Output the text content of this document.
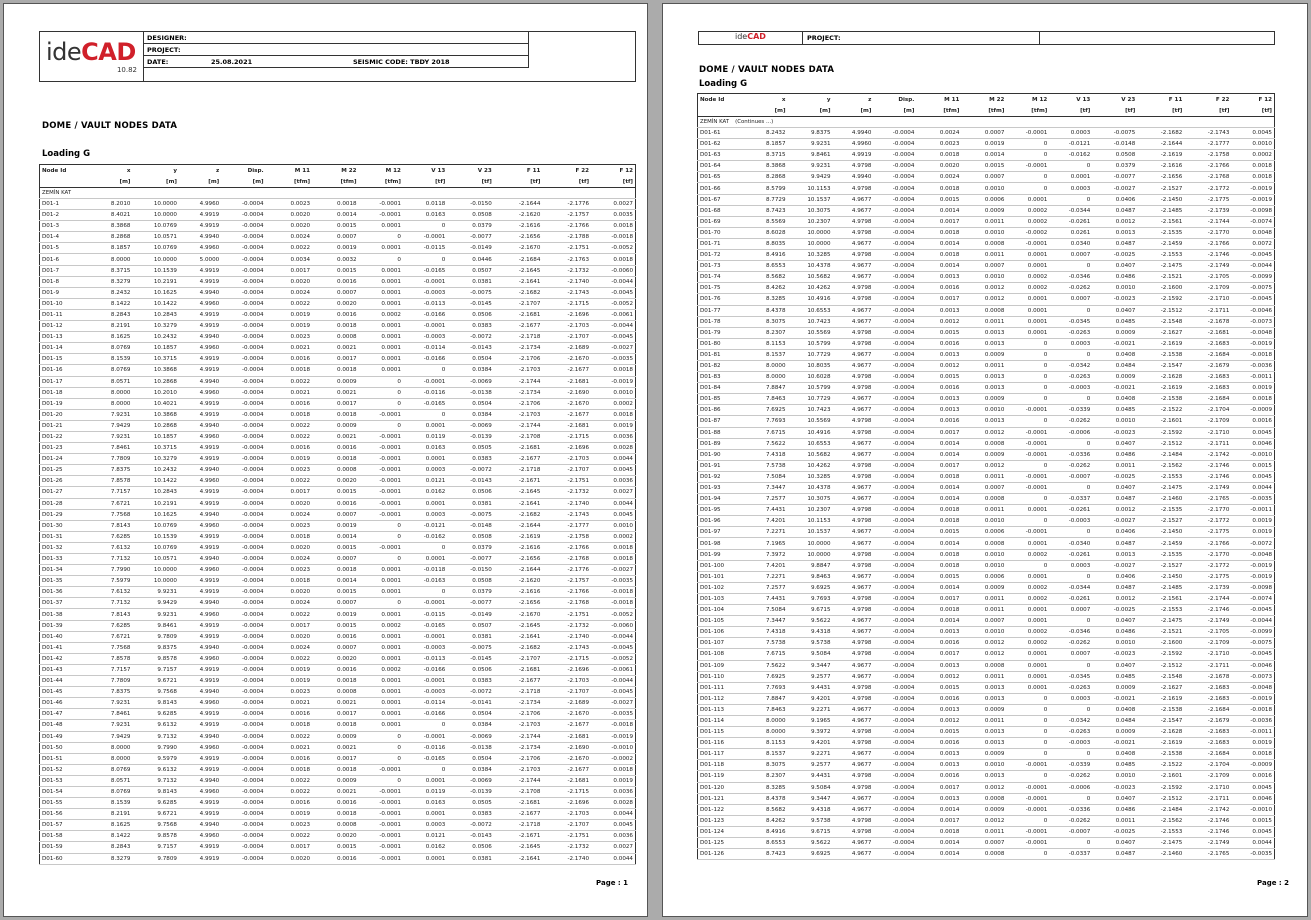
ideCAD
10.82
DESIGNER:
PROJECT:
DATE:	25.08.2021	SEISMIC CODE: TBDY 2018
DOME / VAULT NODES DATA
Loading G
Node Id	x	y	z	Disp.	M 11	M 22	M 12	V 13	V 23	F 11	F 22	F 12
	[m]	[m]	[m]	[m]	[tfm]	[tfm]	[tfm]	[tf]	[tf]	[tf]	[tf]	[tf]
ZEMİN KAT												
D01-1	8.2010	10.0000	4.9960	-0.0004	0.0023	0.0018	-0.0001	0.0118	-0.0150	-2.1644	-2.1776	0.0027
D01-2	8.4021	10.0000	4.9919	-0.0004	0.0020	0.0014	-0.0001	0.0163	0.0508	-2.1620	-2.1757	0.0035
D01-3	8.3868	10.0769	4.9919	-0.0004	0.0020	0.0015	0.0001	0	0.0379	-2.1616	-2.1766	0.0018
D01-4	8.2868	10.0571	4.9940	-0.0004	0.0024	0.0007	0	-0.0001	-0.0077	-2.1656	-2.1788	-0.0018
D01-5	8.1857	10.0769	4.9960	-0.0004	0.0022	0.0019	0.0001	-0.0115	-0.0149	-2.1670	-2.1751	-0.0052
D01-6	8.0000	10.0000	5.0000	-0.0004	0.0034	0.0032	0	0	0.0446	-2.1684	-2.1763	0.0018
D01-7	8.3715	10.1539	4.9919	-0.0004	0.0017	0.0015	0.0001	-0.0165	0.0507	-2.1645	-2.1732	-0.0060
D01-8	8.3279	10.2191	4.9919	-0.0004	0.0020	0.0016	0.0001	-0.0001	0.0381	-2.1641	-2.1740	-0.0044
D01-9	8.2432	10.1625	4.9940	-0.0004	0.0024	0.0007	0.0001	-0.0003	-0.0075	-2.1682	-2.1743	-0.0045
D01-10	8.1422	10.1422	4.9960	-0.0004	0.0022	0.0020	0.0001	-0.0113	-0.0145	-2.1707	-2.1715	-0.0052
D01-11	8.2843	10.2843	4.9919	-0.0004	0.0019	0.0016	0.0002	-0.0166	0.0506	-2.1681	-2.1696	-0.0061
D01-12	8.2191	10.3279	4.9919	-0.0004	0.0019	0.0018	0.0001	-0.0001	0.0383	-2.1677	-2.1703	-0.0044
D01-13	8.1625	10.2432	4.9940	-0.0004	0.0023	0.0008	0.0001	-0.0003	-0.0072	-2.1718	-2.1707	-0.0045
D01-14	8.0769	10.1857	4.9960	-0.0004	0.0021	0.0021	0.0001	-0.0114	-0.0143	-2.1734	-2.1689	-0.0027
D01-15	8.1539	10.3715	4.9919	-0.0004	0.0016	0.0017	0.0001	-0.0166	0.0504	-2.1706	-2.1670	-0.0035
D01-16	8.0769	10.3868	4.9919	-0.0004	0.0018	0.0018	0.0001	0	0.0384	-2.1703	-2.1677	0.0018
D01-17	8.0571	10.2868	4.9940	-0.0004	0.0022	0.0009	0	-0.0001	-0.0069	-2.1744	-2.1681	-0.0019
D01-18	8.0000	10.2010	4.9960	-0.0004	0.0021	0.0021	0	-0.0116	-0.0138	-2.1734	-2.1690	0.0010
D01-19	8.0000	10.4021	4.9919	-0.0004	0.0016	0.0017	0	-0.0165	0.0504	-2.1706	-2.1670	0.0002
D01-20	7.9231	10.3868	4.9919	-0.0004	0.0018	0.0018	-0.0001	0	0.0384	-2.1703	-2.1677	0.0018
D01-21	7.9429	10.2868	4.9940	-0.0004	0.0022	0.0009	0	0.0001	-0.0069	-2.1744	-2.1681	0.0019
D01-22	7.9231	10.1857	4.9960	-0.0004	0.0022	0.0021	-0.0001	0.0119	-0.0139	-2.1708	-2.1715	0.0036
D01-23	7.8461	10.3715	4.9919	-0.0004	0.0016	0.0016	-0.0001	0.0163	0.0505	-2.1681	-2.1696	0.0028
D01-24	7.7809	10.3279	4.9919	-0.0004	0.0019	0.0018	-0.0001	0.0001	0.0383	-2.1677	-2.1703	0.0044
D01-25	7.8375	10.2432	4.9940	-0.0004	0.0023	0.0008	-0.0001	0.0003	-0.0072	-2.1718	-2.1707	0.0045
D01-26	7.8578	10.1422	4.9960	-0.0004	0.0022	0.0020	-0.0001	0.0121	-0.0143	-2.1671	-2.1751	0.0036
D01-27	7.7157	10.2843	4.9919	-0.0004	0.0017	0.0015	-0.0001	0.0162	0.0506	-2.1645	-2.1732	0.0027
D01-28	7.6721	10.2191	4.9919	-0.0004	0.0020	0.0016	-0.0001	0.0001	0.0381	-2.1641	-2.1740	0.0044
D01-29	7.7568	10.1625	4.9940	-0.0004	0.0024	0.0007	-0.0001	0.0003	-0.0075	-2.1682	-2.1743	0.0045
D01-30	7.8143	10.0769	4.9960	-0.0004	0.0023	0.0019	0	-0.0121	-0.0148	-2.1644	-2.1777	0.0010
D01-31	7.6285	10.1539	4.9919	-0.0004	0.0018	0.0014	0	-0.0162	0.0508	-2.1619	-2.1758	0.0002
D01-32	7.6132	10.0769	4.9919	-0.0004	0.0020	0.0015	-0.0001	0	0.0379	-2.1616	-2.1766	0.0018
D01-33	7.7132	10.0571	4.9940	-0.0004	0.0024	0.0007	0	0.0001	-0.0077	-2.1656	-2.1768	0.0018
D01-34	7.7990	10.0000	4.9960	-0.0004	0.0023	0.0018	0.0001	-0.0118	-0.0150	-2.1644	-2.1776	-0.0027
D01-35	7.5979	10.0000	4.9919	-0.0004	0.0018	0.0014	0.0001	-0.0163	0.0508	-2.1620	-2.1757	-0.0035
D01-36	7.6132	9.9231	4.9919	-0.0004	0.0020	0.0015	0.0001	0	0.0379	-2.1616	-2.1766	-0.0018
D01-37	7.7132	9.9429	4.9940	-0.0004	0.0024	0.0007	0	-0.0001	-0.0077	-2.1656	-2.1768	-0.0018
D01-38	7.8143	9.9231	4.9960	-0.0004	0.0022	0.0019	0.0001	-0.0115	-0.0149	-2.1670	-2.1751	-0.0052
D01-39	7.6285	9.8461	4.9919	-0.0004	0.0017	0.0015	0.0002	-0.0165	0.0507	-2.1645	-2.1732	-0.0060
D01-40	7.6721	9.7809	4.9919	-0.0004	0.0020	0.0016	0.0001	-0.0001	0.0381	-2.1641	-2.1740	-0.0044
D01-41	7.7568	9.8375	4.9940	-0.0004	0.0024	0.0007	0.0001	-0.0003	-0.0075	-2.1682	-2.1743	-0.0045
D01-42	7.8578	9.8578	4.9960	-0.0004	0.0022	0.0020	0.0001	-0.0113	-0.0145	-2.1707	-2.1715	-0.0052
D01-43	7.7157	9.7157	4.9919	-0.0004	0.0019	0.0016	0.0002	-0.0166	0.0506	-2.1681	-2.1696	-0.0061
D01-44	7.7809	9.6721	4.9919	-0.0004	0.0019	0.0018	0.0001	-0.0001	0.0383	-2.1677	-2.1703	-0.0044
D01-45	7.8375	9.7568	4.9940	-0.0004	0.0023	0.0008	0.0001	-0.0003	-0.0072	-2.1718	-2.1707	-0.0045
D01-46	7.9231	9.8143	4.9960	-0.0004	0.0021	0.0021	0.0001	-0.0114	-0.0141	-2.1734	-2.1689	-0.0027
D01-47	7.8461	9.6285	4.9919	-0.0004	0.0016	0.0017	0.0001	-0.0166	0.0504	-2.1706	-2.1670	-0.0035
D01-48	7.9231	9.6132	4.9919	-0.0004	0.0018	0.0018	0.0001	0	0.0384	-2.1703	-2.1677	-0.0018
D01-49	7.9429	9.7132	4.9940	-0.0004	0.0022	0.0009	0	-0.0001	-0.0069	-2.1744	-2.1681	-0.0019
D01-50	8.0000	9.7990	4.9960	-0.0004	0.0021	0.0021	0	-0.0116	-0.0138	-2.1734	-2.1690	-0.0010
D01-51	8.0000	9.5979	4.9919	-0.0004	0.0016	0.0017	0	-0.0165	0.0504	-2.1706	-2.1670	-0.0002
D01-52	8.0769	9.6132	4.9919	-0.0004	0.0018	0.0018	-0.0001	0	0.0384	-2.1703	-2.1677	0.0018
D01-53	8.0571	9.7132	4.9940	-0.0004	0.0022	0.0009	0	0.0001	-0.0069	-2.1744	-2.1681	0.0019
D01-54	8.0769	9.8143	4.9960	-0.0004	0.0022	0.0021	-0.0001	0.0119	-0.0139	-2.1708	-2.1715	0.0036
D01-55	8.1539	9.6285	4.9919	-0.0004	0.0016	0.0016	-0.0001	0.0163	0.0505	-2.1681	-2.1696	0.0028
D01-56	8.2191	9.6721	4.9919	-0.0004	0.0019	0.0018	-0.0001	0.0001	0.0383	-2.1677	-2.1703	0.0044
D01-57	8.1625	9.7568	4.9940	-0.0004	0.0023	0.0008	-0.0001	0.0003	-0.0072	-2.1718	-2.1707	0.0045
D01-58	8.1422	9.8578	4.9960	-0.0004	0.0022	0.0020	-0.0001	0.0121	-0.0143	-2.1671	-2.1751	0.0036
D01-59	8.2843	9.7157	4.9919	-0.0004	0.0017	0.0015	-0.0001	0.0162	0.0506	-2.1645	-2.1732	0.0027
D01-60	8.3279	9.7809	4.9919	-0.0004	0.0020	0.0016	-0.0001	0.0001	0.0381	-2.1641	-2.1740	0.0044
Page : 1
ideCAD	PROJECT:
DOME / VAULT NODES DATA
Loading G
Node Id	x	y	z	Disp.	M 11	M 22	M 12	V 13	V 23	F 11	F 22	F 12
	[m]	[m]	[m]	[m]	[tfm]	[tfm]	[tfm]	[tf]	[tf]	[tf]	[tf]	[tf]
ZEMİN KAT (Continues ...)												
D01-61	8.2432	9.8375	4.9940	-0.0004	0.0024	0.0007	-0.0001	0.0003	-0.0075	-2.1682	-2.1743	0.0045
D01-62	8.1857	9.9231	4.9960	-0.0004	0.0023	0.0019	0	-0.0121	-0.0148	-2.1644	-2.1777	0.0010
D01-63	8.3715	9.8461	4.9919	-0.0004	0.0018	0.0014	0	-0.0162	0.0508	-2.1619	-2.1758	0.0002
D01-64	8.3868	9.9231	4.9798	-0.0004	0.0020	0.0015	-0.0001	0	0.0379	-2.1616	-2.1766	0.0018
D01-65	8.2868	9.9429	4.9940	-0.0004	0.0024	0.0007	0	0.0001	-0.0077	-2.1656	-2.1768	0.0018
D01-66	8.5799	10.1153	4.9798	-0.0004	0.0018	0.0010	0	0.0003	-0.0027	-2.1527	-2.1772	-0.0019
D01-67	8.7729	10.1537	4.9677	-0.0004	0.0015	0.0006	0.0001	0	0.0406	-2.1450	-2.1775	-0.0019
D01-68	8.7423	10.3075	4.9677	-0.0004	0.0014	0.0009	0.0002	-0.0344	0.0487	-2.1485	-2.1739	-0.0098
D01-69	8.5569	10.2307	4.9798	-0.0004	0.0017	0.0011	0.0002	-0.0261	0.0012	-2.1561	-2.1744	-0.0074
D01-70	8.6028	10.0000	4.9798	-0.0004	0.0018	0.0010	-0.0002	0.0261	0.0013	-2.1535	-2.1770	0.0048
D01-71	8.8035	10.0000	4.9677	-0.0004	0.0014	0.0008	-0.0001	0.0340	0.0487	-2.1459	-2.1766	0.0072
D01-72	8.4916	10.3285	4.9798	-0.0004	0.0018	0.0011	0.0001	0.0007	-0.0025	-2.1553	-2.1746	-0.0045
D01-73	8.6553	10.4378	4.9677	-0.0004	0.0014	0.0007	0.0001	0	0.0407	-2.1475	-2.1749	-0.0044
D01-74	8.5682	10.5682	4.9677	-0.0004	0.0013	0.0010	0.0002	-0.0346	0.0486	-2.1521	-2.1705	-0.0099
D01-75	8.4262	10.4262	4.9798	-0.0004	0.0016	0.0012	0.0002	-0.0262	0.0010	-2.1600	-2.1709	-0.0075
D01-76	8.3285	10.4916	4.9798	-0.0004	0.0017	0.0012	0.0001	0.0007	-0.0023	-2.1592	-2.1710	-0.0045
D01-77	8.4378	10.6553	4.9677	-0.0004	0.0013	0.0008	0.0001	0	0.0407	-2.1512	-2.1711	-0.0046
D01-78	8.3075	10.7423	4.9677	-0.0004	0.0012	0.0011	0.0001	-0.0345	0.0485	-2.1548	-2.1678	-0.0073
D01-79	8.2307	10.5569	4.9798	-0.0004	0.0015	0.0013	0.0001	-0.0263	0.0009	-2.1627	-2.1681	-0.0048
D01-80	8.1153	10.5799	4.9798	-0.0004	0.0016	0.0013	0	0.0003	-0.0021	-2.1619	-2.1683	-0.0019
D01-81	8.1537	10.7729	4.9677	-0.0004	0.0013	0.0009	0	0	0.0408	-2.1538	-2.1684	-0.0018
D01-82	8.0000	10.8035	4.9677	-0.0004	0.0012	0.0011	0	-0.0342	0.0484	-2.1547	-2.1679	-0.0036
D01-83	8.0000	10.6028	4.9798	-0.0004	0.0015	0.0013	0	-0.0263	0.0009	-2.1628	-2.1683	-0.0011
D01-84	7.8847	10.5799	4.9798	-0.0004	0.0016	0.0013	0	-0.0003	-0.0021	-2.1619	-2.1683	0.0019
D01-85	7.8463	10.7729	4.9677	-0.0004	0.0013	0.0009	0	0	0.0408	-2.1538	-2.1684	0.0018
D01-86	7.6925	10.7423	4.9677	-0.0004	0.0013	0.0010	-0.0001	-0.0339	0.0485	-2.1522	-2.1704	-0.0009
D01-87	7.7693	10.5569	4.9798	-0.0004	0.0016	0.0013	0	-0.0262	0.0010	-2.1601	-2.1709	0.0016
D01-88	7.6715	10.4916	4.9798	-0.0004	0.0017	0.0012	-0.0001	-0.0006	-0.0023	-2.1592	-2.1710	0.0045
D01-89	7.5622	10.6553	4.9677	-0.0004	0.0014	0.0008	-0.0001	0	0.0407	-2.1512	-2.1711	0.0046
D01-90	7.4318	10.5682	4.9677	-0.0004	0.0014	0.0009	-0.0001	-0.0336	0.0486	-2.1484	-2.1742	-0.0010
D01-91	7.5738	10.4262	4.9798	-0.0004	0.0017	0.0012	0	-0.0262	0.0011	-2.1562	-2.1746	0.0015
D01-92	7.5084	10.3285	4.9798	-0.0004	0.0018	0.0011	-0.0001	-0.0007	-0.0025	-2.1553	-2.1746	0.0045
D01-93	7.3447	10.4378	4.9677	-0.0004	0.0014	0.0007	-0.0001	0	0.0407	-2.1475	-2.1749	0.0044
D01-94	7.2577	10.3075	4.9677	-0.0004	0.0014	0.0008	0	-0.0337	0.0487	-2.1460	-2.1765	-0.0035
D01-95	7.4431	10.2307	4.9798	-0.0004	0.0018	0.0011	0.0001	-0.0261	0.0012	-2.1535	-2.1770	-0.0011
D01-96	7.4201	10.1153	4.9798	-0.0004	0.0018	0.0010	0	-0.0003	-0.0027	-2.1527	-2.1772	0.0019
D01-97	7.2271	10.1537	4.9677	-0.0004	0.0015	0.0006	-0.0001	0	0.0406	-2.1450	-2.1775	0.0019
D01-98	7.1965	10.0000	4.9677	-0.0004	0.0014	0.0008	0.0001	-0.0340	0.0487	-2.1459	-2.1766	-0.0072
D01-99	7.3972	10.0000	4.9798	-0.0004	0.0018	0.0010	0.0002	-0.0261	0.0013	-2.1535	-2.1770	-0.0048
D01-100	7.4201	9.8847	4.9798	-0.0004	0.0018	0.0010	0	0.0003	-0.0027	-2.1527	-2.1772	-0.0019
D01-101	7.2271	9.8463	4.9677	-0.0004	0.0015	0.0006	0.0001	0	0.0406	-2.1450	-2.1775	-0.0019
D01-102	7.2577	9.6925	4.9677	-0.0004	0.0014	0.0009	0.0002	-0.0344	0.0487	-2.1485	-2.1739	-0.0098
D01-103	7.4431	9.7693	4.9798	-0.0004	0.0017	0.0011	0.0002	-0.0261	0.0012	-2.1561	-2.1744	-0.0074
D01-104	7.5084	9.6715	4.9798	-0.0004	0.0018	0.0011	0.0001	0.0007	-0.0025	-2.1553	-2.1746	-0.0045
D01-105	7.3447	9.5622	4.9677	-0.0004	0.0014	0.0007	0.0001	0	0.0407	-2.1475	-2.1749	-0.0044
D01-106	7.4318	9.4318	4.9677	-0.0004	0.0013	0.0010	0.0002	-0.0346	0.0486	-2.1521	-2.1705	-0.0099
D01-107	7.5738	9.5738	4.9798	-0.0004	0.0016	0.0012	0.0002	-0.0262	0.0010	-2.1600	-2.1709	-0.0075
D01-108	7.6715	9.5084	4.9798	-0.0004	0.0017	0.0012	0.0001	0.0007	-0.0023	-2.1592	-2.1710	-0.0045
D01-109	7.5622	9.3447	4.9677	-0.0004	0.0013	0.0008	0.0001	0	0.0407	-2.1512	-2.1711	-0.0046
D01-110	7.6925	9.2577	4.9677	-0.0004	0.0012	0.0011	0.0001	-0.0345	0.0485	-2.1548	-2.1678	-0.0073
D01-111	7.7693	9.4431	4.9798	-0.0004	0.0015	0.0013	0.0001	-0.0263	0.0009	-2.1627	-2.1683	-0.0048
D01-112	7.8847	9.4201	4.9798	-0.0004	0.0016	0.0013	0	0.0003	-0.0021	-2.1619	-2.1683	-0.0019
D01-113	7.8463	9.2271	4.9677	-0.0004	0.0013	0.0009	0	0	0.0408	-2.1538	-2.1684	-0.0018
D01-114	8.0000	9.1965	4.9677	-0.0004	0.0012	0.0011	0	-0.0342	0.0484	-2.1547	-2.1679	-0.0036
D01-115	8.0000	9.3972	4.9798	-0.0004	0.0015	0.0013	0	-0.0263	0.0009	-2.1628	-2.1683	-0.0011
D01-116	8.1153	9.4201	4.9798	-0.0004	0.0016	0.0013	0	-0.0003	-0.0021	-2.1619	-2.1683	0.0019
D01-117	8.1537	9.2271	4.9677	-0.0004	0.0013	0.0009	0	0	0.0408	-2.1538	-2.1684	0.0018
D01-118	8.3075	9.2577	4.9677	-0.0004	0.0013	0.0010	-0.0001	-0.0339	0.0485	-2.1522	-2.1704	-0.0009
D01-119	8.2307	9.4431	4.9798	-0.0004	0.0016	0.0013	0	-0.0262	0.0010	-2.1601	-2.1709	0.0016
D01-120	8.3285	9.5084	4.9798	-0.0004	0.0017	0.0012	-0.0001	-0.0006	-0.0023	-2.1592	-2.1710	0.0045
D01-121	8.4378	9.3447	4.9677	-0.0004	0.0013	0.0008	-0.0001	0	0.0407	-2.1512	-2.1711	0.0046
D01-122	8.5682	9.4318	4.9677	-0.0004	0.0014	0.0009	-0.0001	-0.0336	0.0486	-2.1484	-2.1742	-0.0010
D01-123	8.4262	9.5738	4.9798	-0.0004	0.0017	0.0012	0	-0.0262	0.0011	-2.1562	-2.1746	0.0015
D01-124	8.4916	9.6715	4.9798	-0.0004	0.0018	0.0011	-0.0001	-0.0007	-0.0025	-2.1553	-2.1746	0.0045
D01-125	8.6553	9.5622	4.9677	-0.0004	0.0014	0.0007	-0.0001	0	0.0407	-2.1475	-2.1749	0.0044
D01-126	8.7423	9.6925	4.9677	-0.0004	0.0014	0.0008	0	-0.0337	0.0487	-2.1460	-2.1765	-0.0035
Page : 2
